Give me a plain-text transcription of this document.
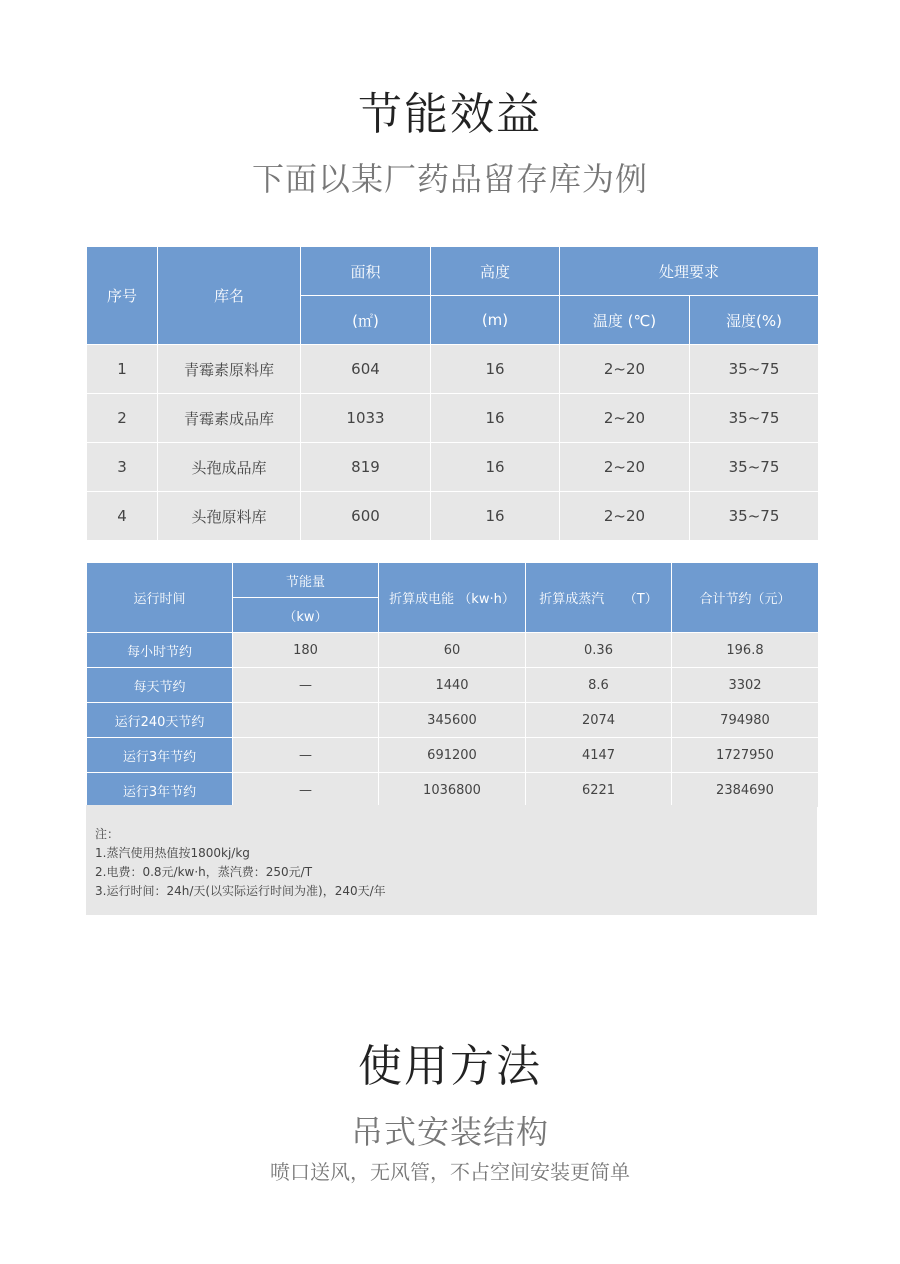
节能效益
下面以某厂药品留存库为例
序号	库名	面积	高度	处理要求	
		(㎡)	(m)	温度 (℃)	湿度(%)
1	青霉素原料库	604	16	2~20	35~75
2	青霉素成品库	1033	16	2~20	35~75
3	头孢成品库	819	16	2~20	35~75
4	头孢原料库	600	16	2~20	35~75
运行时间	节能量	折算成电能 （kw·h）	折算成蒸汽　　（T）	合计节约（元）
	（kw）			
每小时节约	180	60	0.36	196.8
每天节约	—	1440	8.6	3302
运行240天节约		345600	2074	794980
运行3年节约	—	691200	4147	1727950
运行3年节约	—	1036800	6221	2384690
注：
1.蒸汽使用热值按1800kj/kg
2.电费：0.8元/kw·h，蒸汽费：250元/T
3.运行时间：24h/天(以实际运行时间为准)，240天/年
使用方法
吊式安装结构
喷口送风，无风管，不占空间安装更简单
